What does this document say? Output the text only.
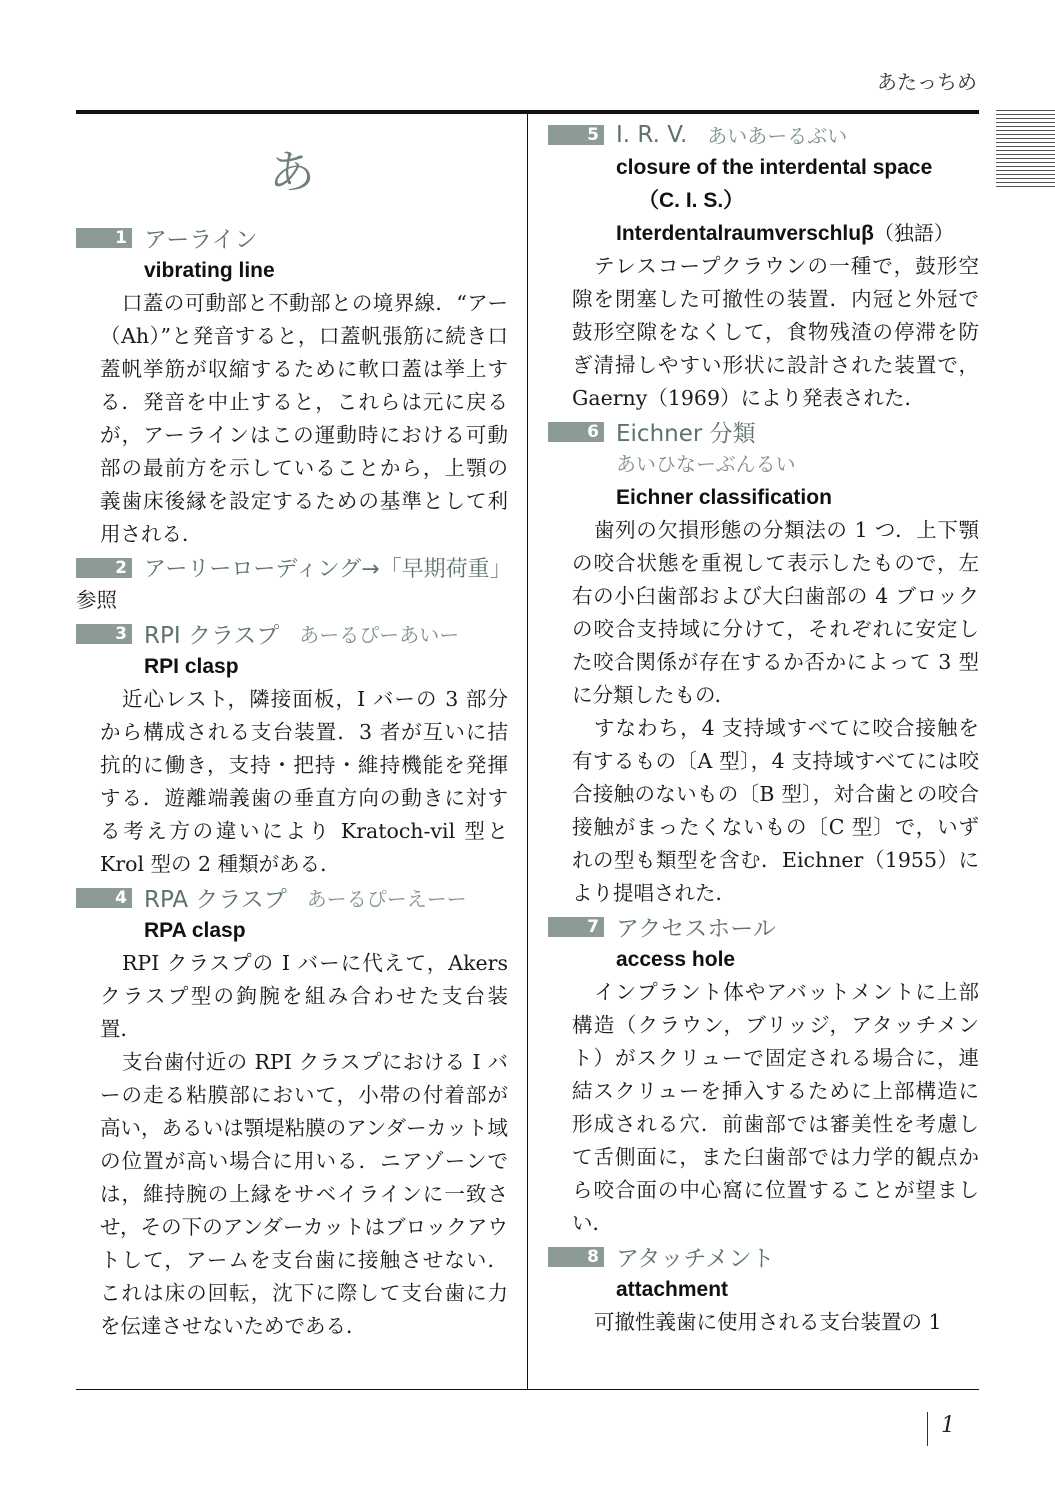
あたっちめ
あ
1 アーライン
vibrating line

口蓋の可動部と不動部との境界線．“アー（Ah）”と発音すると，口蓋帆張筋に続き口蓋帆挙筋が収縮するために軟口蓋は挙上する．発音を中止すると，これらは元に戻るが，アーラインはこの運動時における可動部の最前方を示していることから，上顎の義歯床後縁を設定するための基準として利用される．

2 アーリーローディング→「早期荷重」

参照

3 RPI クラスプ あーるぴーあいー
RPI clasp

近心レスト，隣接面板，I バーの 3 部分から構成される支台装置．3 者が互いに拮抗的に働き，支持・把持・維持機能を発揮する．遊離端義歯の垂直方向の動きに対する考え方の違いにより Kratoch-vil 型と Krol 型の 2 種類がある．

4 RPA クラスプ あーるぴーえーー
RPA clasp

RPI クラスプの I バーに代えて，Akers クラスプ型の鉤腕を組み合わせた支台装置．

支台歯付近の RPI クラスプにおける I バーの走る粘膜部において，小帯の付着部が高い，あるいは顎堤粘膜のアンダーカット域の位置が高い場合に用いる．ニアゾーンでは，維持腕の上縁をサベイラインに一致させ，その下のアンダーカットはブロックアウトして，アームを支台歯に接触させない．これは床の回転，沈下に際して支台歯に力を伝達させないためである．

5 I. R. V. あいあーるぶい
closure of the interdental space
（C. I. S.）
Interdentalraumverschluβ（独語）

テレスコープクラウンの一種で，鼓形空隙を閉塞した可撤性の装置．内冠と外冠で鼓形空隙をなくして，食物残渣の停滞を防ぎ清掃しやすい形状に設計された装置で，Gaerny（1969）により発表された．

6 Eichner 分類
あいひなーぶんるい
Eichner classification

歯列の欠損形態の分類法の 1 つ．上下顎の咬合状態を重視して表示したもので，左右の小臼歯部および大臼歯部の 4 ブロックの咬合支持域に分けて，それぞれに安定した咬合関係が存在するか否かによって 3 型に分類したもの．

すなわち，4 支持域すべてに咬合接触を有するもの〔A 型〕，4 支持域すべてには咬合接触のないもの〔B 型〕，対合歯との咬合接触がまったくないもの〔C 型〕で，いずれの型も類型を含む．Eichner（1955）により提唱された．

7 アクセスホール
access hole

インプラント体やアバットメントに上部構造（クラウン，ブリッジ，アタッチメント）がスクリューで固定される場合に，連結スクリューを挿入するために上部構造に形成される穴．前歯部では審美性を考慮して舌側面に，また臼歯部では力学的観点から咬合面の中心窩に位置することが望ましい．

8 アタッチメント
attachment

可撤性義歯に使用される支台装置の 1

1
